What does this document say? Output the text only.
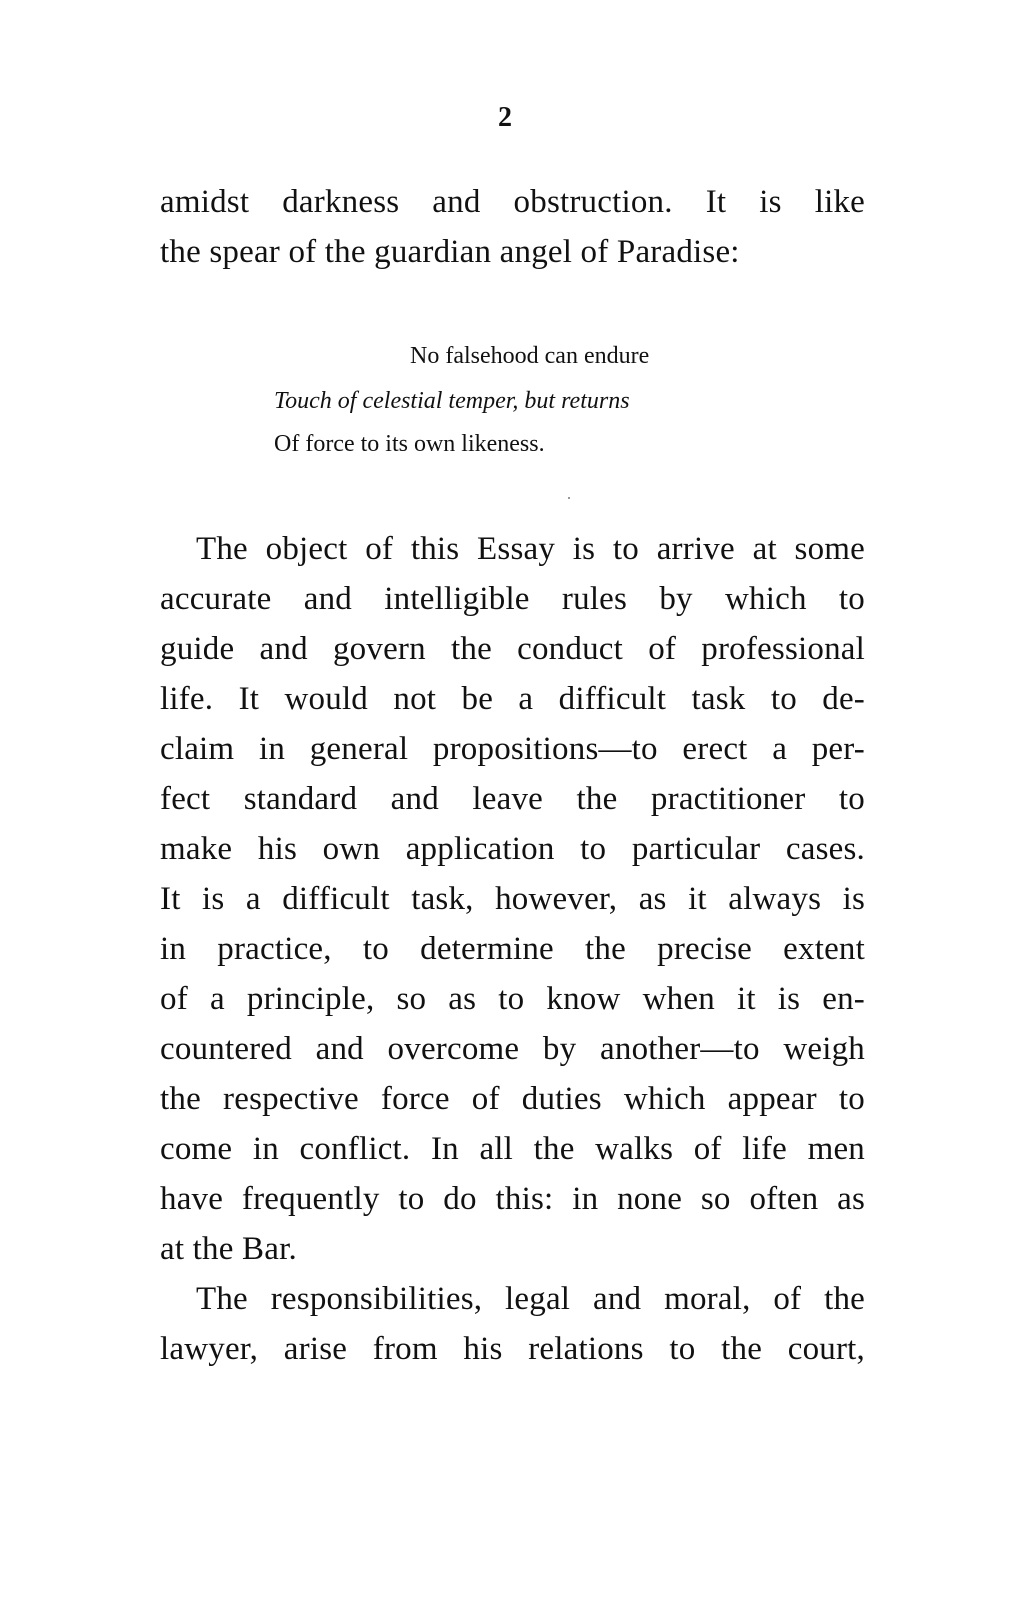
2
amidst darkness and obstruction. It is like
the spear of the guardian angel of Paradise:
No falsehood can endure
Touch of celestial temper, but returns
Of force to its own likeness.
The object of this Essay is to arrive at some
accurate and intelligible rules by which to
guide and govern the conduct of professional
life. It would not be a difficult task to de-
claim in general propositions—to erect a per-
fect standard and leave the practitioner to
make his own application to particular cases.
It is a difficult task, however, as it always is
in practice, to determine the precise extent
of a principle, so as to know when it is en-
countered and overcome by another—to weigh
the respective force of duties which appear to
come in conflict. In all the walks of life men
have frequently to do this: in none so often as
at the Bar.
The responsibilities, legal and moral, of the
lawyer, arise from his relations to the court,
